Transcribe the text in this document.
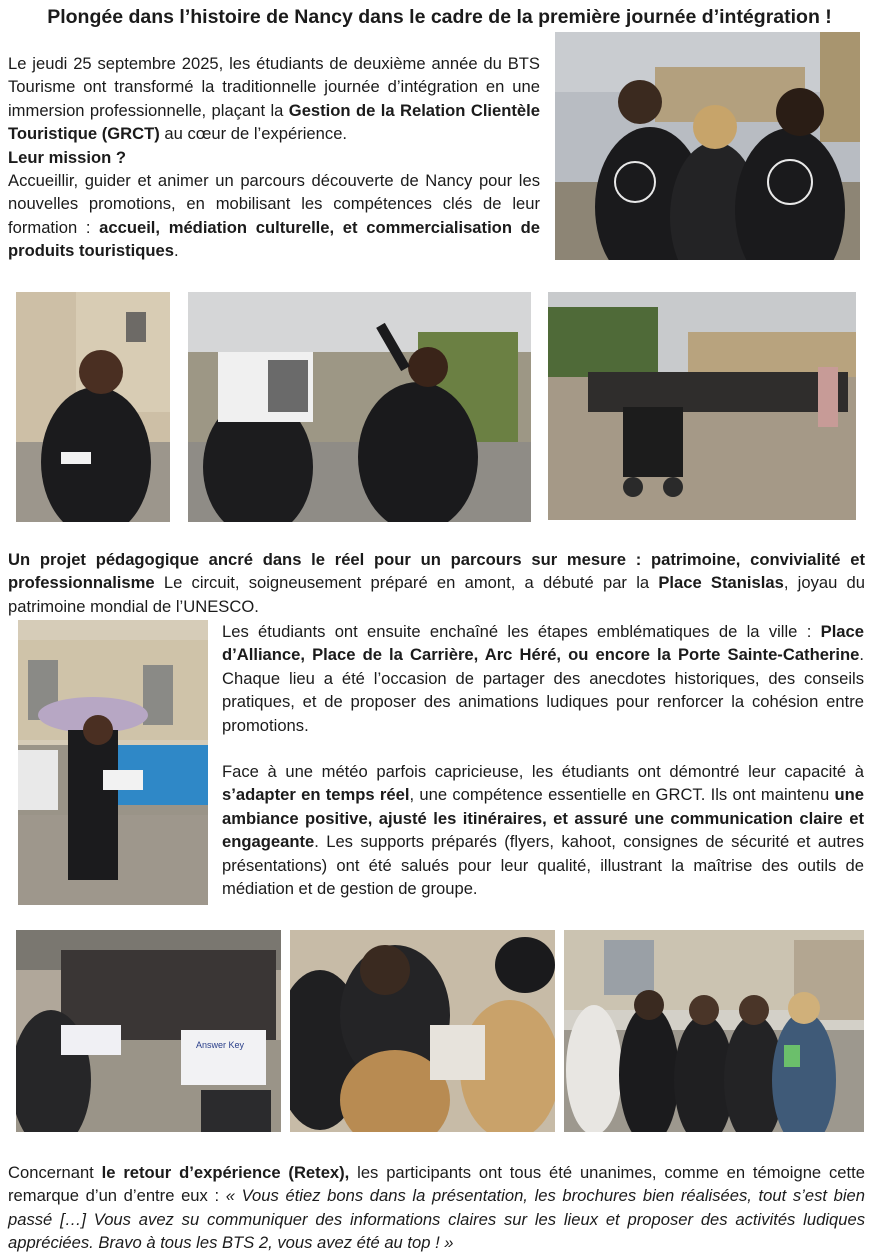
Plongée dans l’histoire de Nancy dans le cadre de la première journée d’intégration !

Le jeudi 25 septembre 2025, les étudiants de deuxième année du BTS Tourisme ont transformé la traditionnelle journée d’intégration en une immersion professionnelle, plaçant la Gestion de la Relation Clientèle Touristique (GRCT) au cœur de l’expérience.

Leur mission ?

Accueillir, guider et animer un parcours découverte de Nancy pour les nouvelles promotions, en mobilisant les compétences clés de leur formation : accueil, médiation culturelle, et commercialisation de produits touristiques.

Un projet pédagogique ancré dans le réel pour un parcours sur mesure : patrimoine, convivialité et professionnalisme Le circuit, soigneusement préparé en amont, a débuté par la Place Stanislas, joyau du patrimoine mondial de l’UNESCO.

Les étudiants ont ensuite enchaîné les étapes emblématiques de la ville : Place d’Alliance, Place de la Carrière, Arc Héré, ou encore la Porte Sainte-Catherine. Chaque lieu a été l’occasion de partager des anecdotes historiques, des conseils pratiques, et de proposer des animations ludiques pour renforcer la cohésion entre promotions.

Face à une météo parfois capricieuse, les étudiants ont démontré leur capacité à s’adapter en temps réel, une compétence essentielle en GRCT. Ils ont maintenu une ambiance positive, ajusté les itinéraires, et assuré une communication claire et engageante. Les supports préparés (flyers, kahoot, consignes de sécurité et autres présentations) ont été salués pour leur qualité, illustrant la maîtrise des outils de médiation et de gestion de groupe.

Answer Key

Concernant le retour d’expérience (Retex), les participants ont tous été unanimes, comme en témoigne cette remarque d’un d’entre eux : « Vous étiez bons dans la présentation, les brochures bien réalisées, tout s’est bien passé […] Vous avez su communiquer des informations claires sur les lieux et proposer des activités ludiques appréciées. Bravo à tous les BTS 2, vous avez été au top ! »
